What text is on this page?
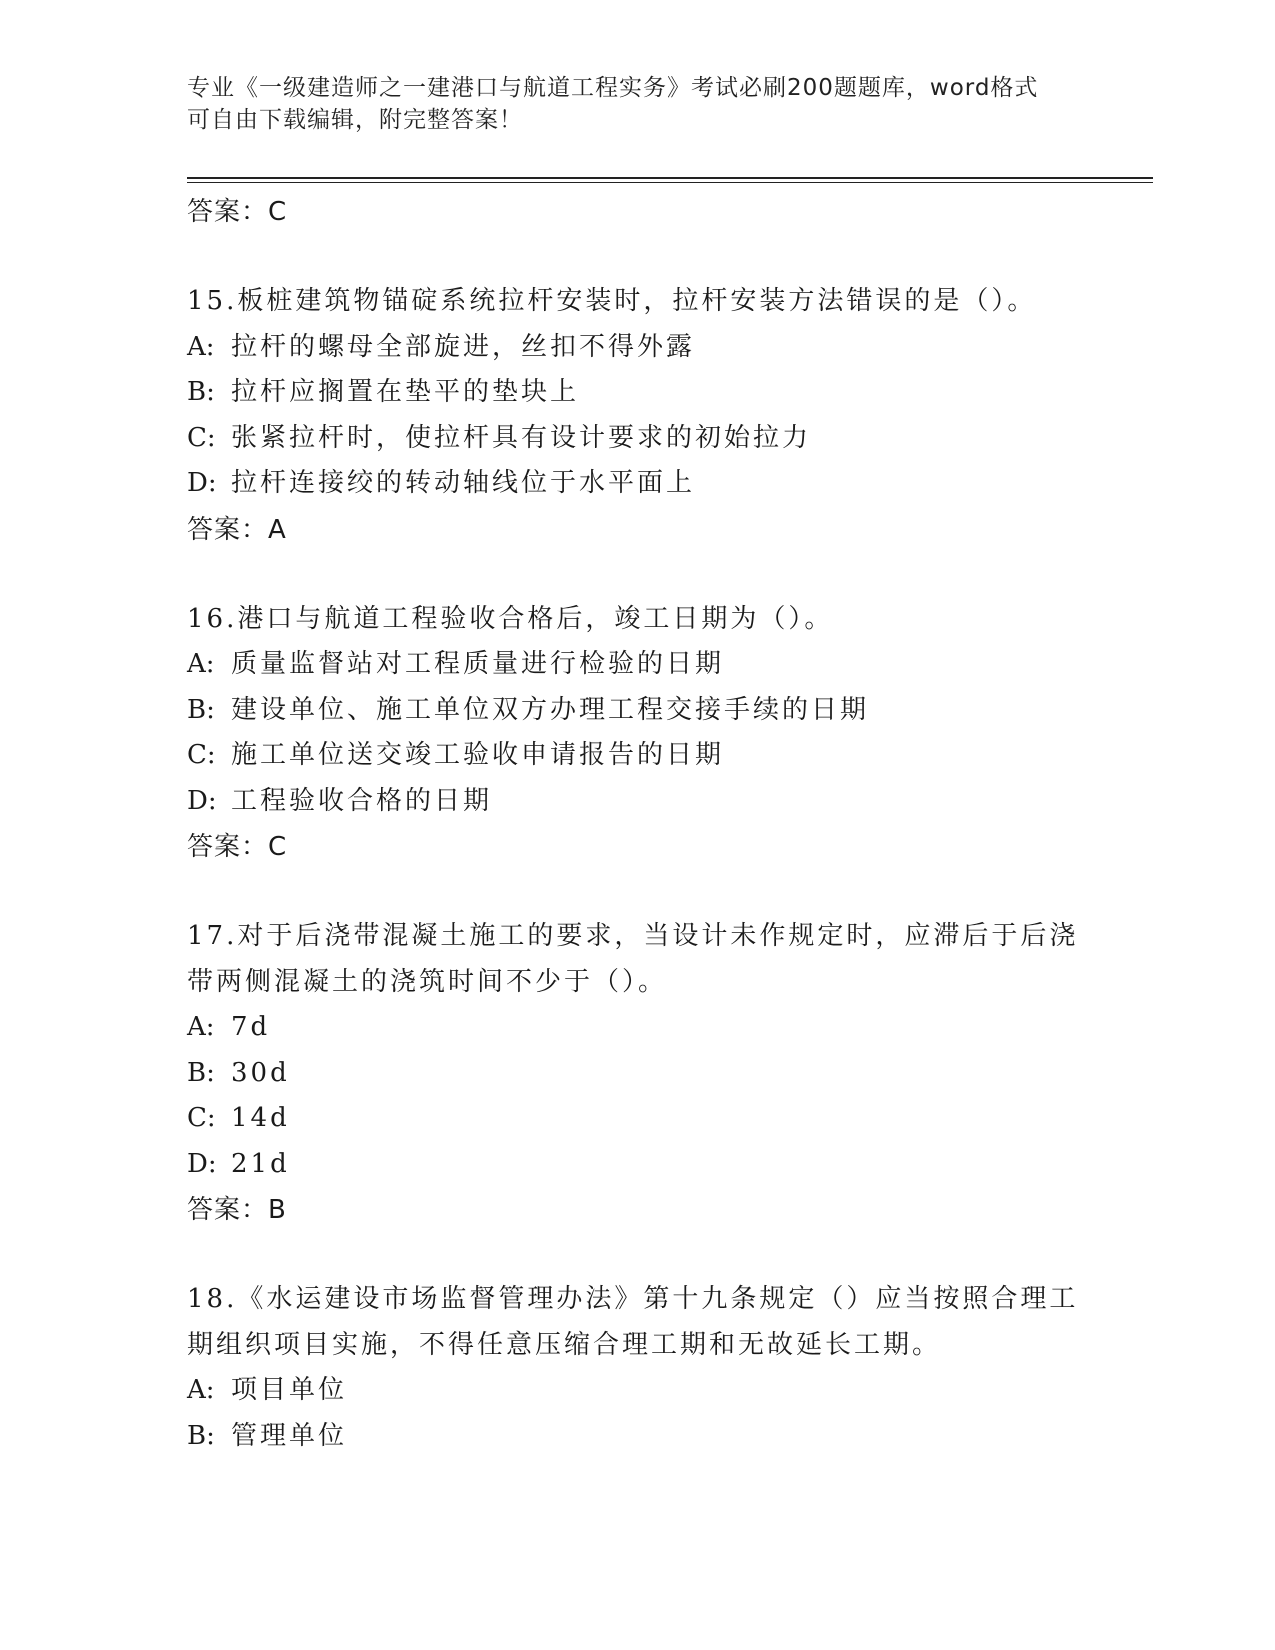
专业《一级建造师之一建港口与航道工程实务》考试必刷200题题库，word格式
可自由下载编辑，附完整答案！
答案：C
15.板桩建筑物锚碇系统拉杆安装时，拉杆安装方法错误的是（）。
A: 拉杆的螺母全部旋进，丝扣不得外露
B: 拉杆应搁置在垫平的垫块上
C: 张紧拉杆时，使拉杆具有设计要求的初始拉力
D: 拉杆连接绞的转动轴线位于水平面上
答案：A
16.港口与航道工程验收合格后，竣工日期为（）。
A: 质量监督站对工程质量进行检验的日期
B: 建设单位、施工单位双方办理工程交接手续的日期
C: 施工单位送交竣工验收申请报告的日期
D: 工程验收合格的日期
答案：C
17.对于后浇带混凝土施工的要求，当设计未作规定时，应滞后于后浇
带两侧混凝土的浇筑时间不少于（）。
A: 7d
B: 30d
C: 14d
D: 21d
答案：B
18.《水运建设市场监督管理办法》第十九条规定（）应当按照合理工
期组织项目实施，不得任意压缩合理工期和无故延长工期。
A: 项目单位
B: 管理单位
